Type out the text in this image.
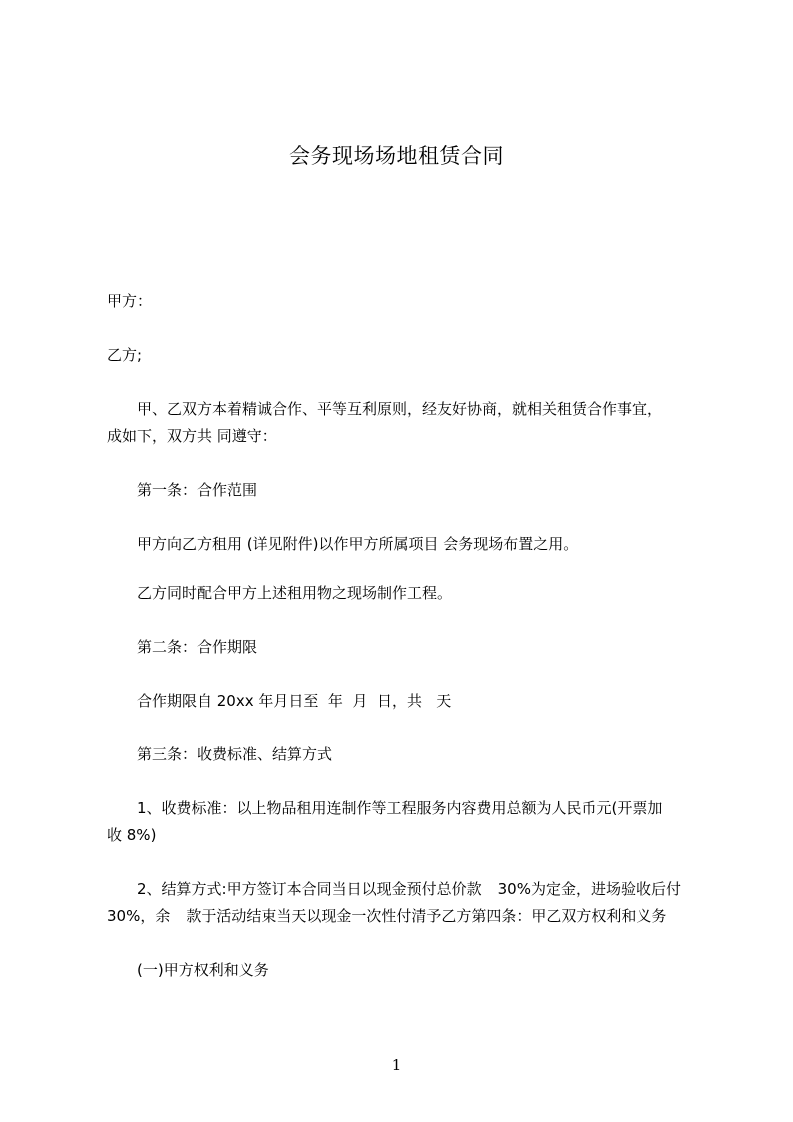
会务现场场地租赁合同
甲方：
乙方;
甲、乙双方本着精诚合作、平等互利原则，经友好协商，就相关租赁合作事宜，
成如下，双方共 同遵守：
第一条：合作范围
甲方向乙方租用 (详见附件)以作甲方所属项目 会务现场布置之用。
乙方同时配合甲方上述租用物之现场制作工程。
第二条：合作期限
合作期限自 20xx 年月日至  年  月  日，共   天
第三条：收费标准、结算方式
1、收费标准：以上物品租用连制作等工程服务内容费用总额为人民币元(开票加
收 8%)
2、结算方式:甲方签订本合同当日以现金预付总价款 30%为定金，进场验收后付
30%，余 款于活动结束当天以现金一次性付清予乙方第四条：甲乙双方权利和义务
(一)甲方权利和义务
1
